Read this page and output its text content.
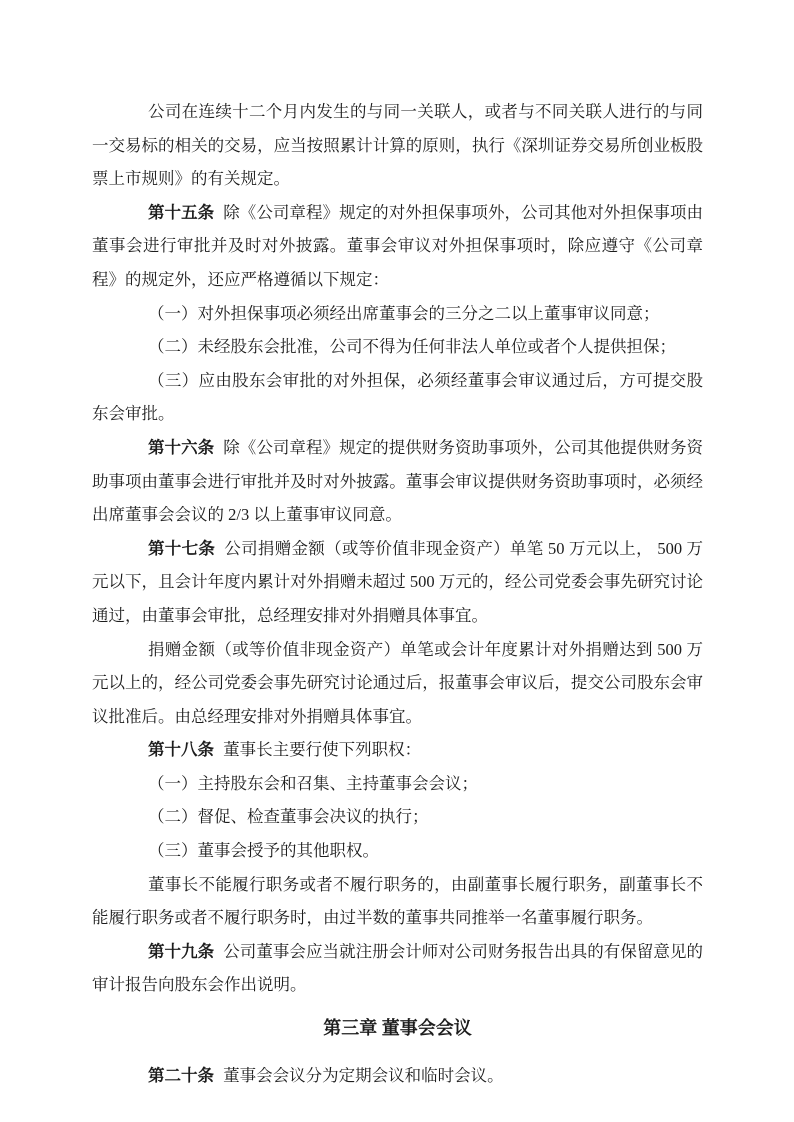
公司在连续十二个月内发生的与同一关联人，或者与不同关联人进行的与同一交易标的相关的交易，应当按照累计计算的原则，执行《深圳证券交易所创业板股票上市规则》的有关规定。

第十五条 除《公司章程》规定的对外担保事项外，公司其他对外担保事项由董事会进行审批并及时对外披露。董事会审议对外担保事项时，除应遵守《公司章程》的规定外，还应严格遵循以下规定：

（一）对外担保事项必须经出席董事会的三分之二以上董事审议同意；

（二）未经股东会批准，公司不得为任何非法人单位或者个人提供担保；

（三）应由股东会审批的对外担保，必须经董事会审议通过后，方可提交股东会审批。

第十六条 除《公司章程》规定的提供财务资助事项外，公司其他提供财务资助事项由董事会进行审批并及时对外披露。董事会审议提供财务资助事项时，必须经出席董事会会议的 2/3 以上董事审议同意。

第十七条 公司捐赠金额（或等价值非现金资产）单笔 50 万元以上， 500 万元以下，且会计年度内累计对外捐赠未超过 500 万元的，经公司党委会事先研究讨论通过，由董事会审批，总经理安排对外捐赠具体事宜。

捐赠金额（或等价值非现金资产）单笔或会计年度累计对外捐赠达到 500 万元以上的，经公司党委会事先研究讨论通过后，报董事会审议后，提交公司股东会审议批准后。由总经理安排对外捐赠具体事宜。

第十八条 董事长主要行使下列职权：

（一）主持股东会和召集、主持董事会会议；

（二）督促、检查董事会决议的执行；

（三）董事会授予的其他职权。

董事长不能履行职务或者不履行职务的，由副董事长履行职务，副董事长不能履行职务或者不履行职务时，由过半数的董事共同推举一名董事履行职务。

第十九条 公司董事会应当就注册会计师对公司财务报告出具的有保留意见的审计报告向股东会作出说明。

第三章 董事会会议

第二十条 董事会会议分为定期会议和临时会议。
